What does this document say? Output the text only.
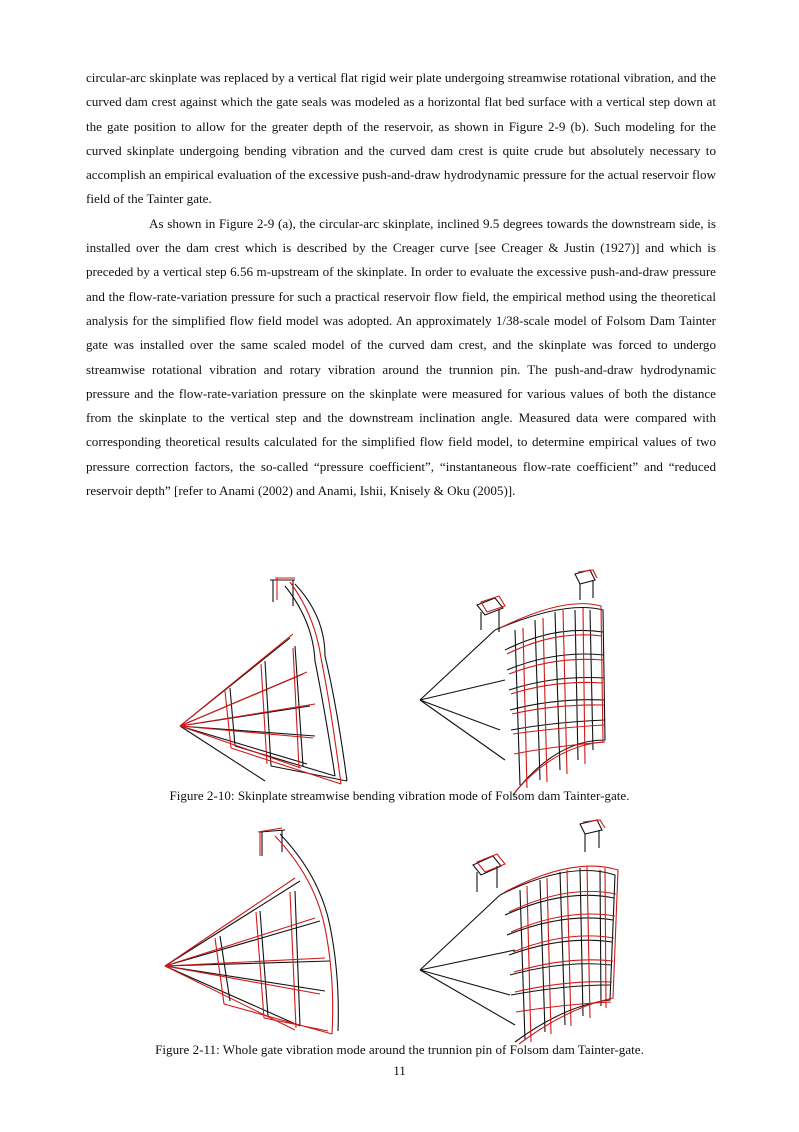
circular-arc skinplate was replaced by a vertical flat rigid weir plate undergoing streamwise rotational vibration, and the curved dam crest against which the gate seals was modeled as a horizontal flat bed surface with a vertical step down at the gate position to allow for the greater depth of the reservoir, as shown in Figure 2-9 (b). Such modeling for the curved skinplate undergoing bending vibration and the curved dam crest is quite crude but absolutely necessary to accomplish an empirical evaluation of the excessive push-and-draw hydrodynamic pressure for the actual reservoir flow field of the Tainter gate.

As shown in Figure 2-9 (a), the circular-arc skinplate, inclined 9.5 degrees towards the downstream side, is installed over the dam crest which is described by the Creager curve [see Creager & Justin (1927)] and which is preceded by a vertical step 6.56 m-upstream of the skinplate. In order to evaluate the excessive push-and-draw pressure and the flow-rate-variation pressure for such a practical reservoir flow field, the empirical method using the theoretical analysis for the simplified flow field model was adopted. An approximately 1/38-scale model of Folsom Dam Tainter gate was installed over the same scaled model of the curved dam crest, and the skinplate was forced to undergo streamwise rotational vibration and rotary vibration around the trunnion pin. The push-and-draw hydrodynamic pressure and the flow-rate-variation pressure on the skinplate were measured for various values of both the distance from the skinplate to the vertical step and the downstream inclination angle. Measured data were compared with corresponding theoretical results calculated for the simplified flow field model, to determine empirical values of two pressure correction factors, the so-called “pressure coefficient”, “instantaneous flow-rate coefficient” and “reduced reservoir depth” [refer to Anami (2002) and Anami, Ishii, Knisely & Oku (2005)].

Figure 2-10: Skinplate streamwise bending vibration mode of Folsom dam Tainter-gate.
Figure 2-11: Whole gate vibration mode around the trunnion pin of Folsom dam Tainter-gate.
11
